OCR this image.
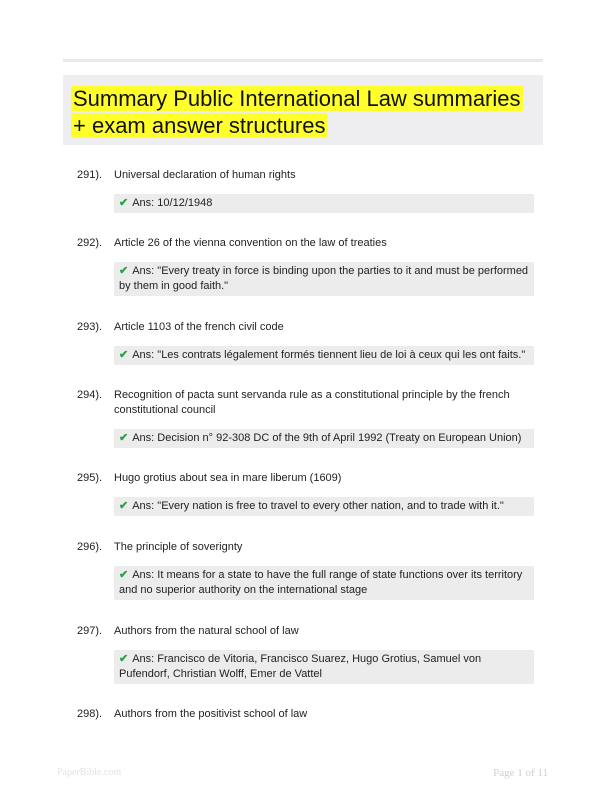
Summary Public International Law summaries + exam answer structures
291). Universal declaration of human rights
✔ Ans: 10/12/1948
292). Article 26 of the vienna convention on the law of treaties
✔ Ans: "Every treaty in force is binding upon the parties to it and must be performed by them in good faith."
293). Article 1103 of the french civil code
✔ Ans: "Les contrats légalement formés tiennent lieu de loi à ceux qui les ont faits."
294). Recognition of pacta sunt servanda rule as a constitutional principle by the french constitutional council
✔ Ans: Decision n° 92-308 DC of the 9th of April 1992 (Treaty on European Union)
295). Hugo grotius about sea in mare liberum (1609)
✔ Ans: "Every nation is free to travel to every other nation, and to trade with it."
296). The principle of soverignty
✔ Ans: It means for a state to have the full range of state functions over its territory and no superior authority on the international stage
297). Authors from the natural school of law
✔ Ans: Francisco de Vitoria, Francisco Suarez, Hugo Grotius, Samuel von Pufendorf, Christian Wolff, Emer de Vattel
298). Authors from the positivist school of law
PaperBible.com	Page 1 of 11
